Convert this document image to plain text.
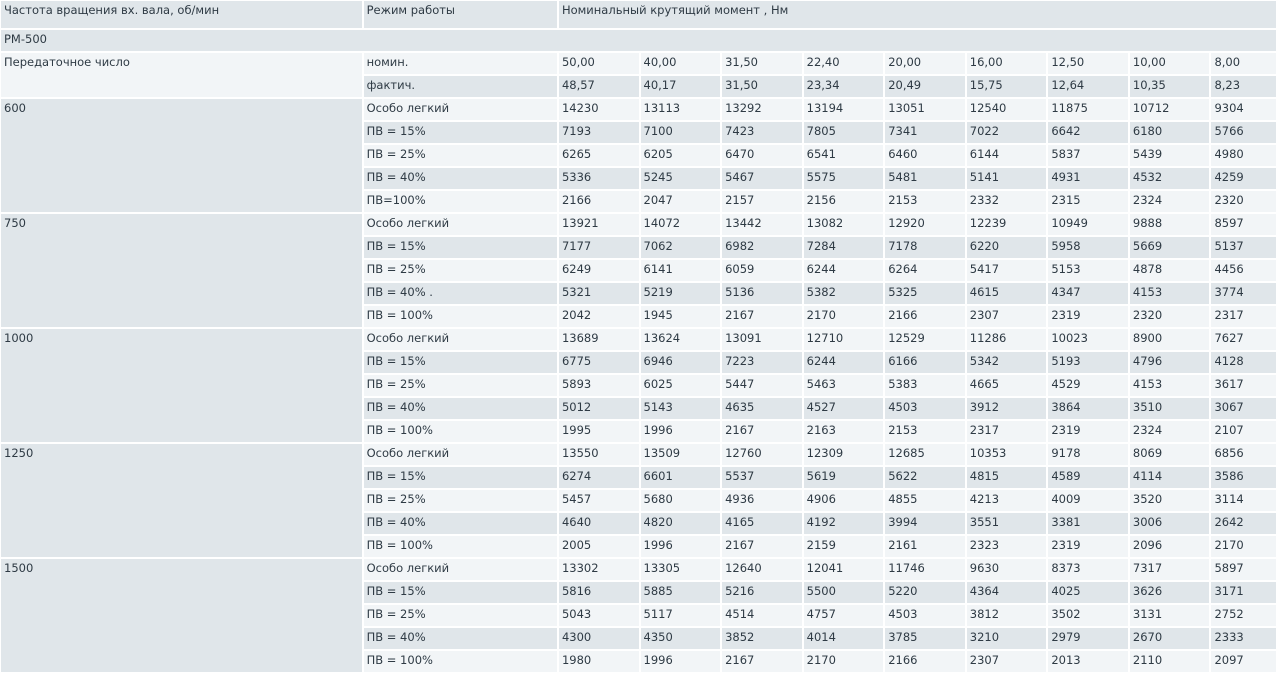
Частота вращения вх. вала, об/мин	Режим работы	Номинальный крутящий момент , Нм								
РМ-500										
Передаточное число	номин.	50,00	40,00	31,50	22,40	20,00	16,00	12,50	10,00	8,00
	фактич.	48,57	40,17	31,50	23,34	20,49	15,75	12,64	10,35	8,23
600	Особо легкий	14230	13113	13292	13194	13051	12540	11875	10712	9304
	ПВ = 15%	7193	7100	7423	7805	7341	7022	6642	6180	5766
	ПВ = 25%	6265	6205	6470	6541	6460	6144	5837	5439	4980
	ПВ = 40%	5336	5245	5467	5575	5481	5141	4931	4532	4259
	ПВ=100%	2166	2047	2157	2156	2153	2332	2315	2324	2320
750	Особо легкий	13921	14072	13442	13082	12920	12239	10949	9888	8597
	ПВ = 15%	7177	7062	6982	7284	7178	6220	5958	5669	5137
	ПВ = 25%	6249	6141	6059	6244	6264	5417	5153	4878	4456
	ПВ = 40% .	5321	5219	5136	5382	5325	4615	4347	4153	3774
	ПВ = 100%	2042	1945	2167	2170	2166	2307	2319	2320	2317
1000	Особо легкий	13689	13624	13091	12710	12529	11286	10023	8900	7627
	ПВ = 15%	6775	6946	7223	6244	6166	5342	5193	4796	4128
	ПВ = 25%	5893	6025	5447	5463	5383	4665	4529	4153	3617
	ПВ = 40%	5012	5143	4635	4527	4503	3912	3864	3510	3067
	ПВ = 100%	1995	1996	2167	2163	2153	2317	2319	2324	2107
1250	Особо легкий	13550	13509	12760	12309	12685	10353	9178	8069	6856
	ПВ = 15%	6274	6601	5537	5619	5622	4815	4589	4114	3586
	ПВ = 25%	5457	5680	4936	4906	4855	4213	4009	3520	3114
	ПВ = 40%	4640	4820	4165	4192	3994	3551	3381	3006	2642
	ПВ = 100%	2005	1996	2167	2159	2161	2323	2319	2096	2170
1500	Особо легкий	13302	13305	12640	12041	11746	9630	8373	7317	5897
	ПВ = 15%	5816	5885	5216	5500	5220	4364	4025	3626	3171
	ПВ = 25%	5043	5117	4514	4757	4503	3812	3502	3131	2752
	ПВ = 40%	4300	4350	3852	4014	3785	3210	2979	2670	2333
	ПВ = 100%	1980	1996	2167	2170	2166	2307	2013	2110	2097
